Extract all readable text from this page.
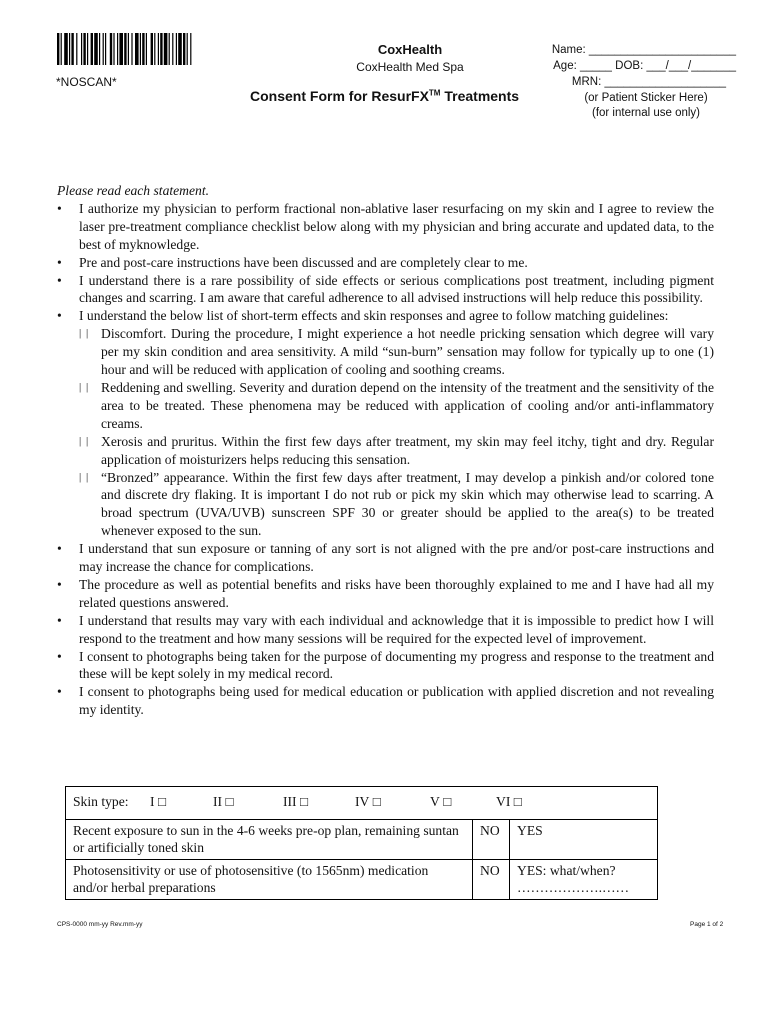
*NOSCAN*
CoxHealth
CoxHealth Med Spa
Consent Form for ResurFX™ Treatments
Name: _______________________
Age: _____ DOB: ___/___/_______
MRN: ___________________
(or Patient Sticker Here)
(for internal use only)
Please read each statement.
•	I authorize my physician to perform fractional non-ablative laser resurfacing on my skin and I agree to review the laser pre-treatment compliance checklist below along with my physician and bring accurate and updated data, to the best of myknowledge.
•	Pre and post-care instructions have been discussed and are completely clear to me.
•	I understand there is a rare possibility of side effects or serious complications post treatment, including pigment changes and scarring. I am aware that careful adherence to all advised instructions will help reduce this possibility.
•	I understand the below list of short-term effects and skin responses and agree to follow matching guidelines:
| | Discomfort. During the procedure, I might experience a hot needle pricking sensation which degree will vary per my skin condition and area sensitivity. A mild “sun-burn” sensation may follow for typically up to one (1) hour and will be reduced with application of cooling and soothing creams.
| | Reddening and swelling. Severity and duration depend on the intensity of the treatment and the sensitivity of the area to be treated. These phenomena may be reduced with application of cooling and/or anti-inflammatory creams.
| | Xerosis and pruritus. Within the first few days after treatment, my skin may feel itchy, tight and dry. Regular application of moisturizers helps reducing this sensation.
| | “Bronzed” appearance. Within the first few days after treatment, I may develop a pinkish and/or colored tone and discrete dry flaking. It is important I do not rub or pick my skin which may otherwise lead to scarring. A broad spectrum (UVA/UVB) sunscreen SPF 30 or greater should be applied to the area(s) to be treated whenever exposed to the sun.
•	I understand that sun exposure or tanning of any sort is not aligned with the pre and/or post-care instructions and may increase the chance for complications.
•	The procedure as well as potential benefits and risks have been thoroughly explained to me and I have had all my related questions answered.
•	I understand that results may vary with each individual and acknowledge that it is impossible to predict how I will respond to the treatment and how many sessions will be required for the expected level of improvement.
•	I consent to photographs being taken for the purpose of documenting my progress and response to the treatment and these will be kept solely in my medical record.
•	I consent to photographs being used for medical education or publication with applied discretion and not revealing my identity.
Skin type: I □ II □ III □ IV □ V □ VI □		
Recent exposure to sun in the 4-6 weeks pre-op plan, remaining suntan or artificially toned skin	NO	YES
Photosensitivity or use of photosensitive (to 1565nm) medication and/or herbal preparations	NO	YES: what/when?
……………….……
CPS-0000 mm-yy Rev.mm-yy	Page 1 of 2
